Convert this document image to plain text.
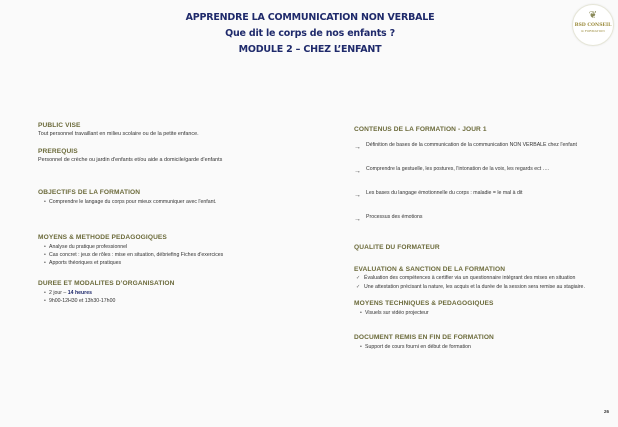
APPRENDRE LA COMMUNICATION NON VERBALE
Que dit le corps de nos enfants ?
MODULE 2 – CHEZ L’ENFANT
❦
BSD CONSEIL
& FORMATION
PUBLIC VISE
Tout personnel travaillant en milieu scolaire ou de la petite enfance.
PREREQUIS
Personnel de crèche ou jardin d'enfants et/ou aide a domicile/garde d'enfants
OBJECTIFS DE LA FORMATION
• Comprendre le langage du corps pour mieux communiquer avec l'enfant.
MOYENS & METHODE PEDAGOGIQUES
• Analyse du pratique professionnel
• Cas concret : jeux de rôles : mise en situation, débriefing Fiches d'exercices
• Apports théoriques et pratiques
DUREE ET MODALITES D’ORGANISATION
• 2 jour – 14 heures
• 9h00-12H30 et 13h30-17h00
CONTENUS DE LA FORMATION - JOUR 1
→ Définition de bases de la communication de la communication NON VERBALE chez l'enfant
→ Comprendre la gestuelle, les postures, l'intonation de la voix, les regards ect ….
→ Les bases du langage émotionnelle du corps : maladie = le mal à dit
→ Processus des émotions
QUALITE DU FORMATEUR
EVALUATION & SANCTION DE LA FORMATION
✓ Évaluation des compétences à certifier via un questionnaire intégrant des mises en situation
✓ Une attestation précisant la nature, les acquis et la durée de la session sera remise au stagiaire.
MOYENS TECHNIQUES & PEDAGOGIQUES
• Visuels sur vidéo projecteur
DOCUMENT REMIS EN FIN DE FORMATION
• Support de cours fourni en début de formation
26
